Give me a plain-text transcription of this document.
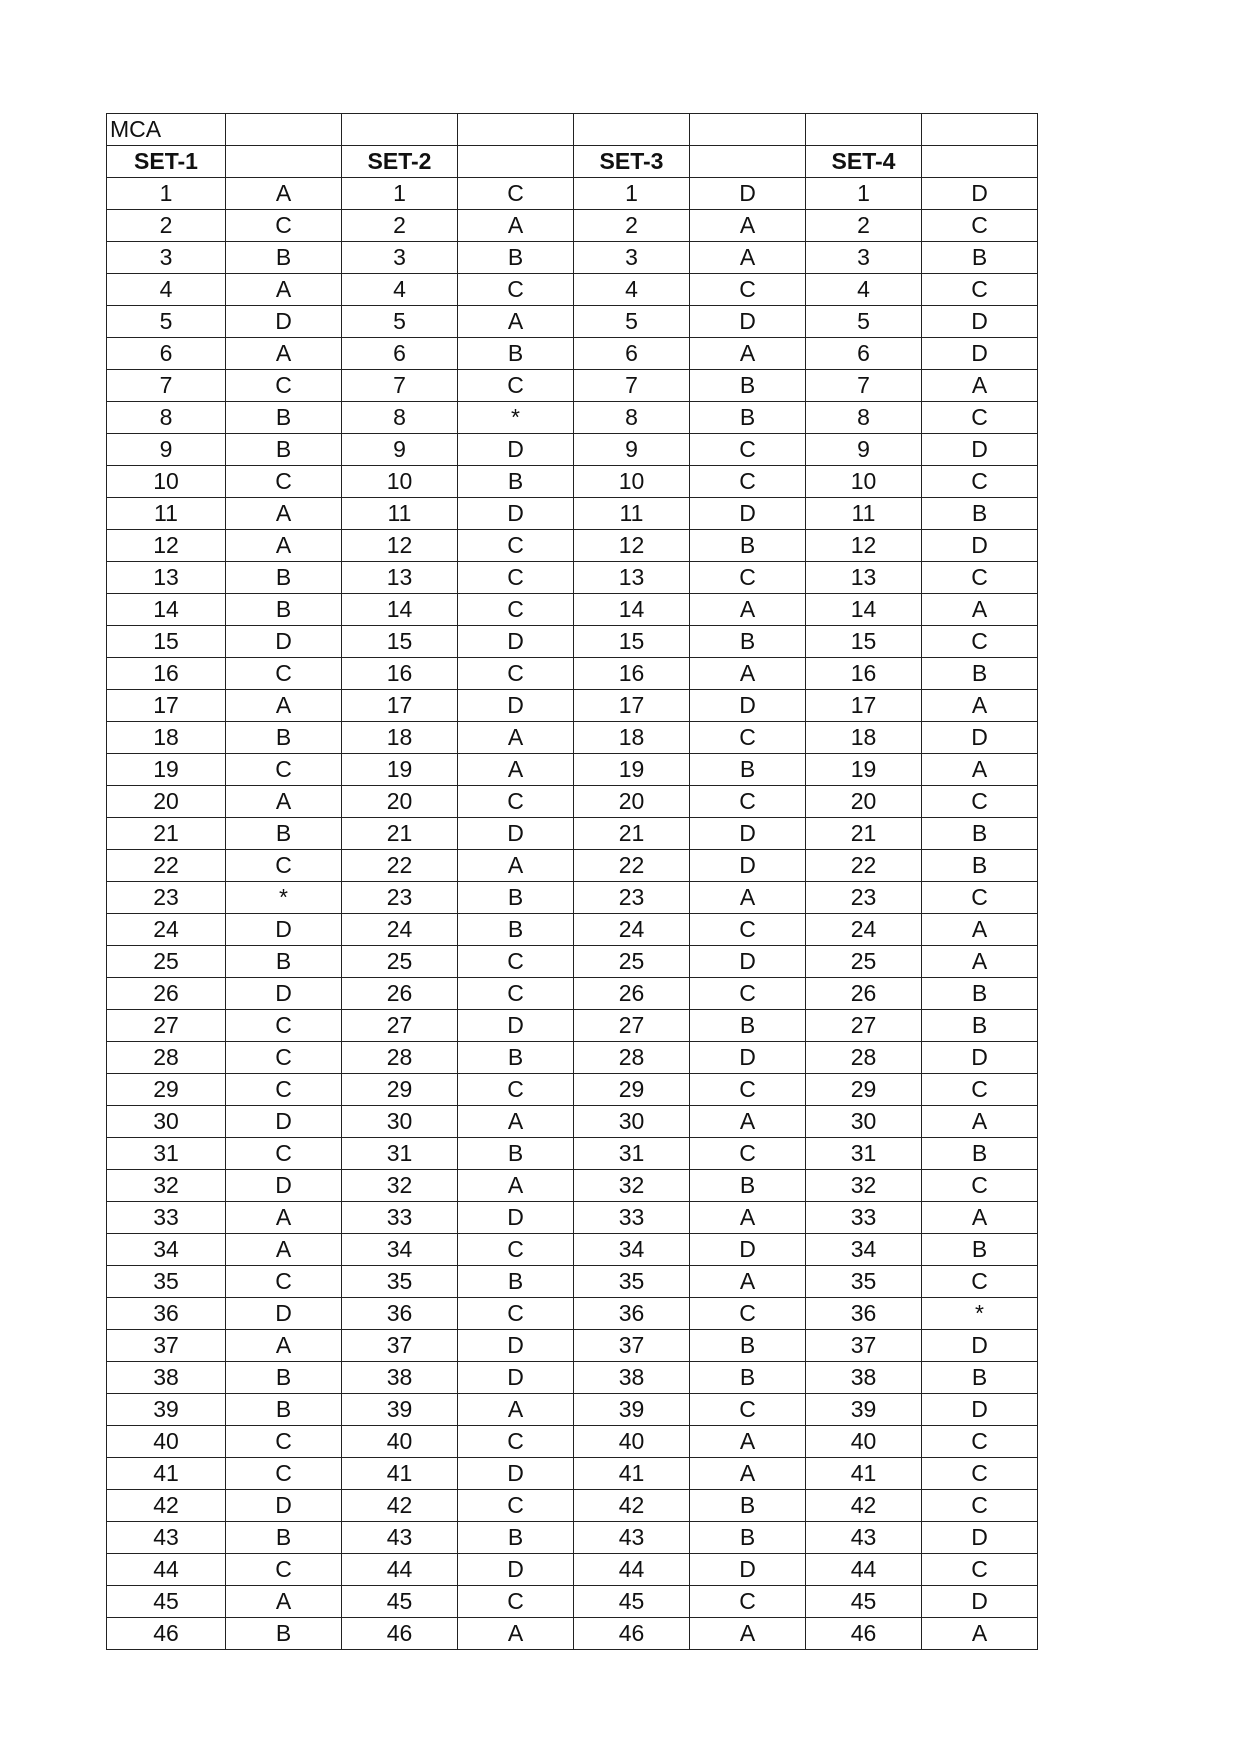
MCA							
SET-1		SET-2		SET-3		SET-4	
1	A	1	C	1	D	1	D
2	C	2	A	2	A	2	C
3	B	3	B	3	A	3	B
4	A	4	C	4	C	4	C
5	D	5	A	5	D	5	D
6	A	6	B	6	A	6	D
7	C	7	C	7	B	7	A
8	B	8	*	8	B	8	C
9	B	9	D	9	C	9	D
10	C	10	B	10	C	10	C
11	A	11	D	11	D	11	B
12	A	12	C	12	B	12	D
13	B	13	C	13	C	13	C
14	B	14	C	14	A	14	A
15	D	15	D	15	B	15	C
16	C	16	C	16	A	16	B
17	A	17	D	17	D	17	A
18	B	18	A	18	C	18	D
19	C	19	A	19	B	19	A
20	A	20	C	20	C	20	C
21	B	21	D	21	D	21	B
22	C	22	A	22	D	22	B
23	*	23	B	23	A	23	C
24	D	24	B	24	C	24	A
25	B	25	C	25	D	25	A
26	D	26	C	26	C	26	B
27	C	27	D	27	B	27	B
28	C	28	B	28	D	28	D
29	C	29	C	29	C	29	C
30	D	30	A	30	A	30	A
31	C	31	B	31	C	31	B
32	D	32	A	32	B	32	C
33	A	33	D	33	A	33	A
34	A	34	C	34	D	34	B
35	C	35	B	35	A	35	C
36	D	36	C	36	C	36	*
37	A	37	D	37	B	37	D
38	B	38	D	38	B	38	B
39	B	39	A	39	C	39	D
40	C	40	C	40	A	40	C
41	C	41	D	41	A	41	C
42	D	42	C	42	B	42	C
43	B	43	B	43	B	43	D
44	C	44	D	44	D	44	C
45	A	45	C	45	C	45	D
46	B	46	A	46	A	46	A
